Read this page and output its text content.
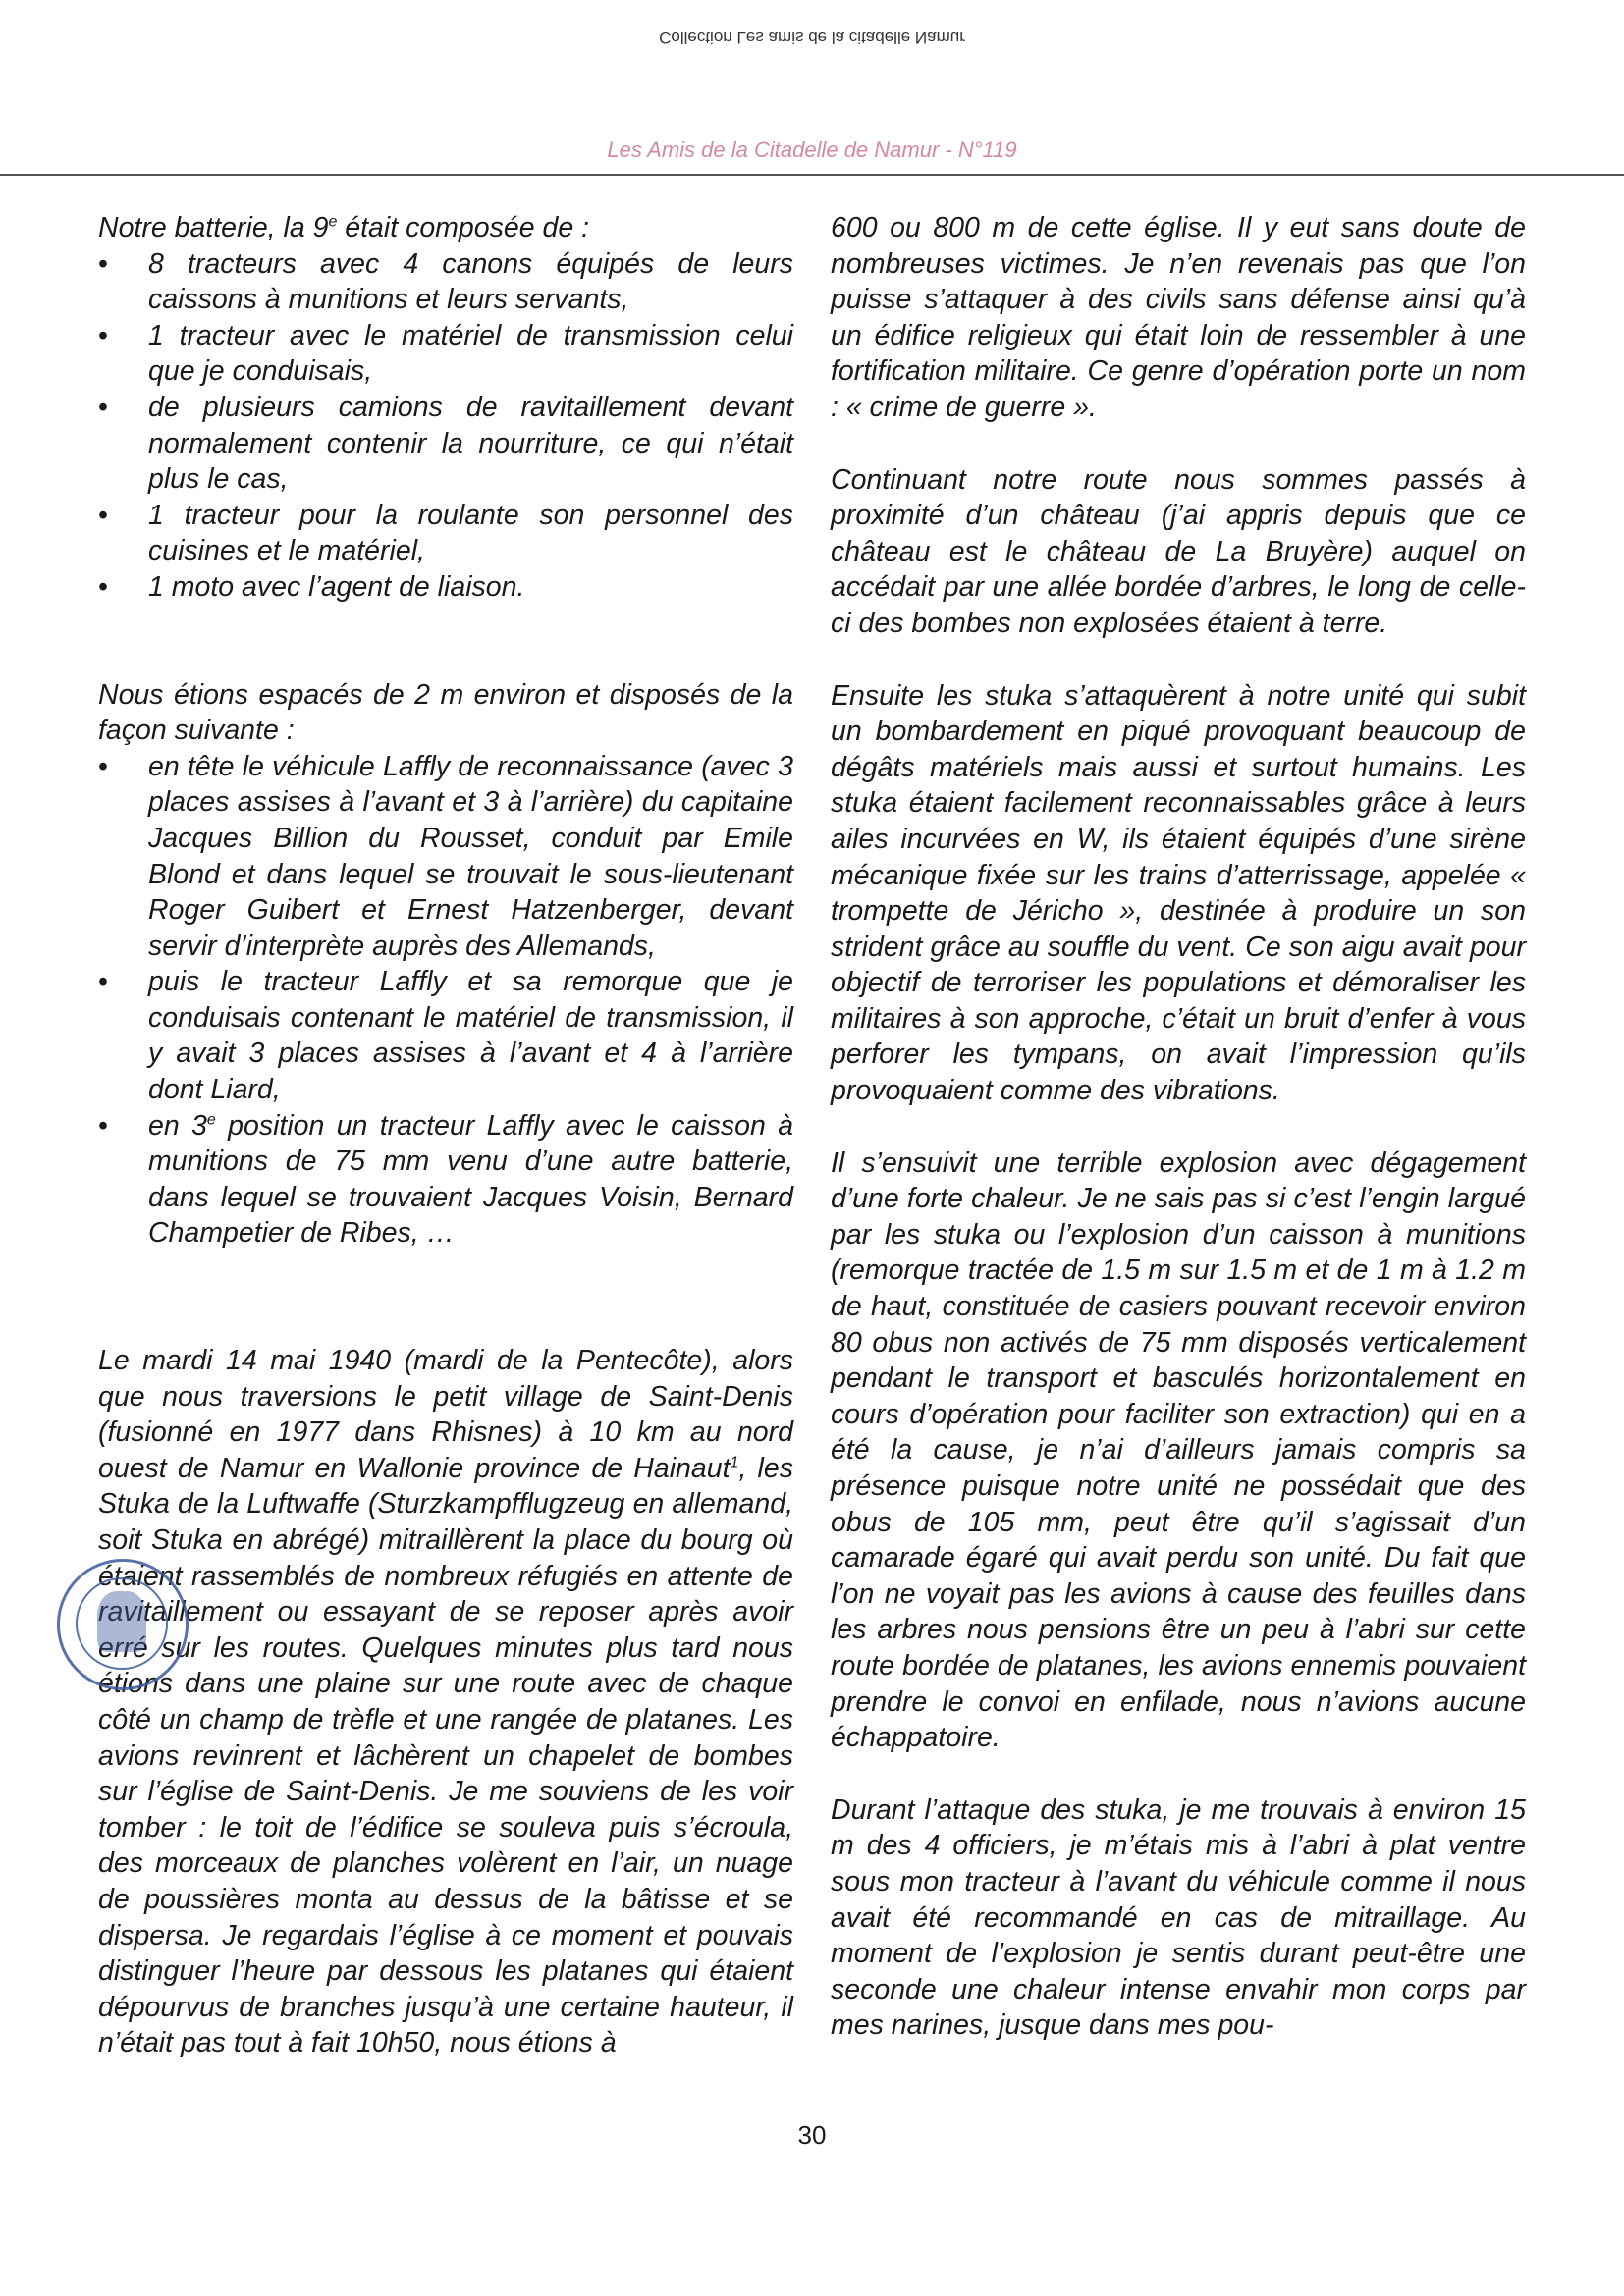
Collection Les amis de la citadelle Namur
Les Amis de la Citadelle de Namur - N°119

Notre batterie, la 9e était composée de :

• 8 tracteurs avec 4 canons équipés de leurs caissons à munitions et leurs servants,
• 1 tracteur avec le matériel de transmission celui que je conduisais,
• de plusieurs camions de ravitaillement devant normalement contenir la nourriture, ce qui n’était plus le cas,
• 1 tracteur pour la roulante son personnel des cuisines et le matériel,
• 1 moto avec l’agent de liaison.

Nous étions espacés de 2 m environ et disposés de la façon suivante :

• en tête le véhicule Laffly de reconnaissance (avec 3 places assises à l’avant et 3 à l’arrière) du capitaine Jacques Billion du Rousset, conduit par Emile Blond et dans lequel se trouvait le sous-lieutenant Roger Guibert et Ernest Hatzenberger, devant servir d’interprète auprès des Allemands,
• puis le tracteur Laffly et sa remorque que je conduisais contenant le matériel de transmission, il y avait 3 places assises à l’avant et 4 à l’arrière dont Liard,
• en 3e position un tracteur Laffly avec le caisson à munitions de 75 mm venu d’une autre batterie, dans lequel se trouvaient Jacques Voisin, Bernard Champetier de Ribes, …

Le mardi 14 mai 1940 (mardi de la Pentecôte), alors que nous traversions le petit village de Saint-Denis (fusionné en 1977 dans Rhisnes) à 10 km au nord ouest de Namur en Wallonie province de Hainaut$^1$, les Stuka de la Luftwaffe (Sturzkampfflugzeug en allemand, soit Stuka en abrégé) mitraillèrent la place du bourg où étaient rassemblés de nombreux réfugiés en attente de ravitaillement ou essayant de se reposer après avoir erré sur les routes. Quelques minutes plus tard nous étions dans une plaine sur une route avec de chaque côté un champ de trèfle et une rangée de platanes. Les avions revinrent et lâchèrent un chapelet de bombes sur l’église de Saint-Denis. Je me souviens de les voir tomber : le toit de l’édifice se souleva puis s’écroula, des morceaux de planches volèrent en l’air, un nuage de poussières monta au dessus de la bâtisse et se dispersa. Je regardais l’église à ce moment et pouvais distinguer l’heure par dessous les platanes qui étaient dépourvus de branches jusqu’à une certaine hauteur, il n’était pas tout à fait 10h50, nous étions à

600 ou 800 m de cette église. Il y eut sans doute de nombreuses victimes. Je n’en revenais pas que l’on puisse s’attaquer à des civils sans défense ainsi qu’à un édifice religieux qui était loin de ressembler à une fortification militaire. Ce genre d’opération porte un nom : « crime de guerre ».

Continuant notre route nous sommes passés à proximité d’un château (j’ai appris depuis que ce château est le château de La Bruyère) auquel on accédait par une allée bordée d’arbres, le long de celle-ci des bombes non explosées étaient à terre.

Ensuite les stuka s’attaquèrent à notre unité qui subit un bombardement en piqué provoquant beaucoup de dégâts matériels mais aussi et surtout humains. Les stuka étaient facilement reconnaissables grâce à leurs ailes incurvées en W, ils étaient équipés d’une sirène mécanique fixée sur les trains d’atterrissage, appelée « trompette de Jéricho », destinée à produire un son strident grâce au souffle du vent. Ce son aigu avait pour objectif de terroriser les populations et démoraliser les militaires à son approche, c’était un bruit d’enfer à vous perforer les tympans, on avait l’impression qu’ils provoquaient comme des vibrations.

Il s’ensuivit une terrible explosion avec dégagement d’une forte chaleur. Je ne sais pas si c’est l’engin largué par les stuka ou l’explosion d’un caisson à munitions (remorque tractée de 1.5 m sur 1.5 m et de 1 m à 1.2 m de haut, constituée de casiers pouvant recevoir environ 80 obus non activés de 75 mm disposés verticalement pendant le transport et basculés horizontalement en cours d’opération pour faciliter son extraction) qui en a été la cause, je n’ai d’ailleurs jamais compris sa présence puisque notre unité ne possédait que des obus de 105 mm, peut être qu’il s’agissait d’un camarade égaré qui avait perdu son unité. Du fait que l’on ne voyait pas les avions à cause des feuilles dans les arbres nous pensions être un peu à l’abri sur cette route bordée de platanes, les avions ennemis pouvaient prendre le convoi en enfilade, nous n’avions aucune échappatoire.

Durant l’attaque des stuka, je me trouvais à environ 15 m des 4 officiers, je m’étais mis à l’abri à plat ventre sous mon tracteur à l’avant du véhicule comme il nous avait été recommandé en cas de mitraillage. Au moment de l’explosion je sentis durant peut-être une seconde une chaleur intense envahir mon corps par mes narines, jusque dans mes pou-

30
